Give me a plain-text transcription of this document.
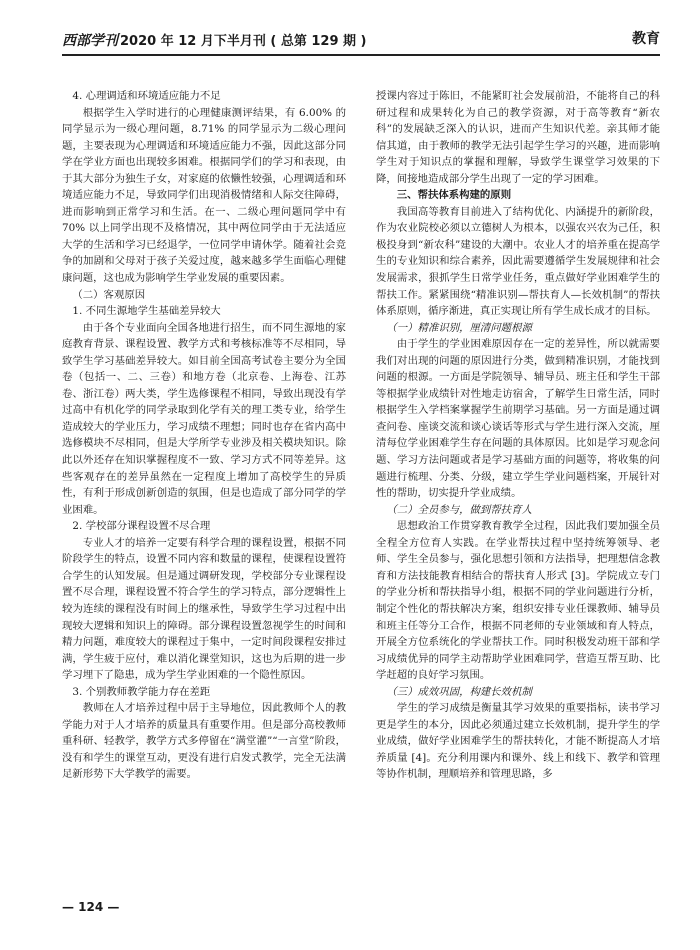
西部学刊 2020 年 12 月下半月刊 ( 总第 129 期 )	教育

4. 心理调适和环境适应能力不足

根据学生入学时进行的心理健康测评结果，有 6.00% 的同学显示为一级心理问题，8.71% 的同学显示为二级心理问题，主要表现为心理调适和环境适应能力不强，因此这部分同学在学业方面也出现较多困难。根据同学们的学习和表现，由于其大部分为独生子女，对家庭的依懒性较强，心理调适和环境适应能力不足，导致同学们出现消极情绪和人际交往障碍，进而影响到正常学习和生活。在一、二级心理问题同学中有 70% 以上同学出现不及格情况，其中两位同学由于无法适应大学的生活和学习已经退学，一位同学申请休学。随着社会竞争的加剧和父母对于孩子关爱过度，越来越多学生面临心理健康问题，这也成为影响学生学业发展的重要因素。

（二）客观原因

1. 不同生源地学生基础差异较大

由于各个专业面向全国各地进行招生，而不同生源地的家庭教育背景、课程设置、教学方式和考核标准等不尽相同，导致学生学习基础差异较大。如目前全国高考试卷主要分为全国卷（包括一、二、三卷）和地方卷（北京卷、上海卷、江苏卷、浙江卷）两大类，学生选修课程不相同，导致出现没有学过高中有机化学的同学录取到化学有关的理工类专业，给学生造成较大的学业压力，学习成绩不理想；同时也存在省内高中选修模块不尽相同，但是大学所学专业涉及相关模块知识。除此以外还存在知识掌握程度不一致、学习方式不同等差异。这些客观存在的差异虽然在一定程度上增加了高校学生的异质性，有利于形成创新创造的氛围，但是也造成了部分同学的学业困难。

2. 学校部分课程设置不尽合理

专业人才的培养一定要有科学合理的课程设置，根据不同阶段学生的特点，设置不同内容和数量的课程，使课程设置符合学生的认知发展。但是通过调研发现，学校部分专业课程设置不尽合理，课程设置不符合学生的学习特点，部分逻辑性上较为连续的课程没有时间上的继承性，导致学生学习过程中出现较大逻辑和知识上的障碍。部分课程设置忽视学生的时间和精力问题，难度较大的课程过于集中，一定时间段课程安排过满，学生疲于应付，难以消化课堂知识，这也为后期的进一步学习埋下了隐患，成为学生学业困难的一个隐性原因。

3. 个别教师教学能力存在差距

教师在人才培养过程中居于主导地位，因此教师个人的教学能力对于人才培养的质量具有重要作用。但是部分高校教师重科研、轻教学，教学方式多停留在“满堂灌”“一言堂”阶段，没有和学生的课堂互动，更没有进行启发式教学，完全无法满足新形势下大学教学的需要。

授课内容过于陈旧，不能紧盯社会发展前沿，不能将自己的科研过程和成果转化为自己的教学资源，对于高等教育“新农科”的发展缺乏深入的认识，进而产生知识代差。亲其师才能信其道，由于教师的教学无法引起学生学习的兴趣，进而影响学生对于知识点的掌握和理解，导致学生课堂学习效果的下降，间接地造成部分学生出现了一定的学习困难。

三、帮扶体系构建的原则

我国高等教育目前进入了结构优化、内涵提升的新阶段，作为农业院校必须以立德树人为根本，以强农兴农为己任，积极投身到“新农科”建设的大潮中。农业人才的培养重在提高学生的专业知识和综合素养，因此需要遵循学生发展规律和社会发展需求，狠抓学生日常学业任务，重点做好学业困难学生的帮扶工作。紧紧围绕“精准识别—帮扶育人—长效机制”的帮扶体系原则，循序渐进，真正实现让所有学生成长成才的目标。

（一）精准识别，厘清问题根源

由于学生的学业困难原因存在一定的差异性，所以就需要我们对出现的问题的原因进行分类，做到精准识别，才能找到问题的根源。一方面是学院领导、辅导员、班主任和学生干部等根据学业成绩针对性地走访宿舍，了解学生日常生活，同时根据学生入学档案掌握学生前期学习基础。另一方面是通过调查问卷、座谈交流和谈心谈话等形式与学生进行深入交流，厘清每位学业困难学生存在问题的具体原因。比如是学习观念问题、学习方法问题或者是学习基础方面的问题等，将收集的问题进行梳理、分类、分级，建立学生学业问题档案，开展针对性的帮助，切实提升学业成绩。

（二）全员参与，做到帮扶育人

思想政治工作贯穿教育教学全过程，因此我们要加强全员全程全方位育人实践。在学业帮扶过程中坚持统筹领导、老师、学生全员参与，强化思想引领和方法指导，把理想信念教育和方法技能教育相结合的帮扶育人形式 [3]。学院成立专门的学业分析和帮扶指导小组，根据不同的学业问题进行分析，制定个性化的帮扶解决方案，组织安排专业任课教师、辅导员和班主任等分工合作，根据不同老师的专业领域和育人特点，开展全方位系统化的学业帮扶工作。同时积极发动班干部和学习成绩优异的同学主动帮助学业困难同学，营造互帮互助、比学赶超的良好学习氛围。

（三）成效巩固，构建长效机制

学生的学习成绩是衡量其学习效果的重要指标，读书学习更是学生的本分，因此必须通过建立长效机制，提升学生的学业成绩，做好学业困难学生的帮扶转化，才能不断提高人才培养质量 [4]。充分利用课内和课外、线上和线下、教学和管理等协作机制，理顺培养和管理思路，多

— 124 —
